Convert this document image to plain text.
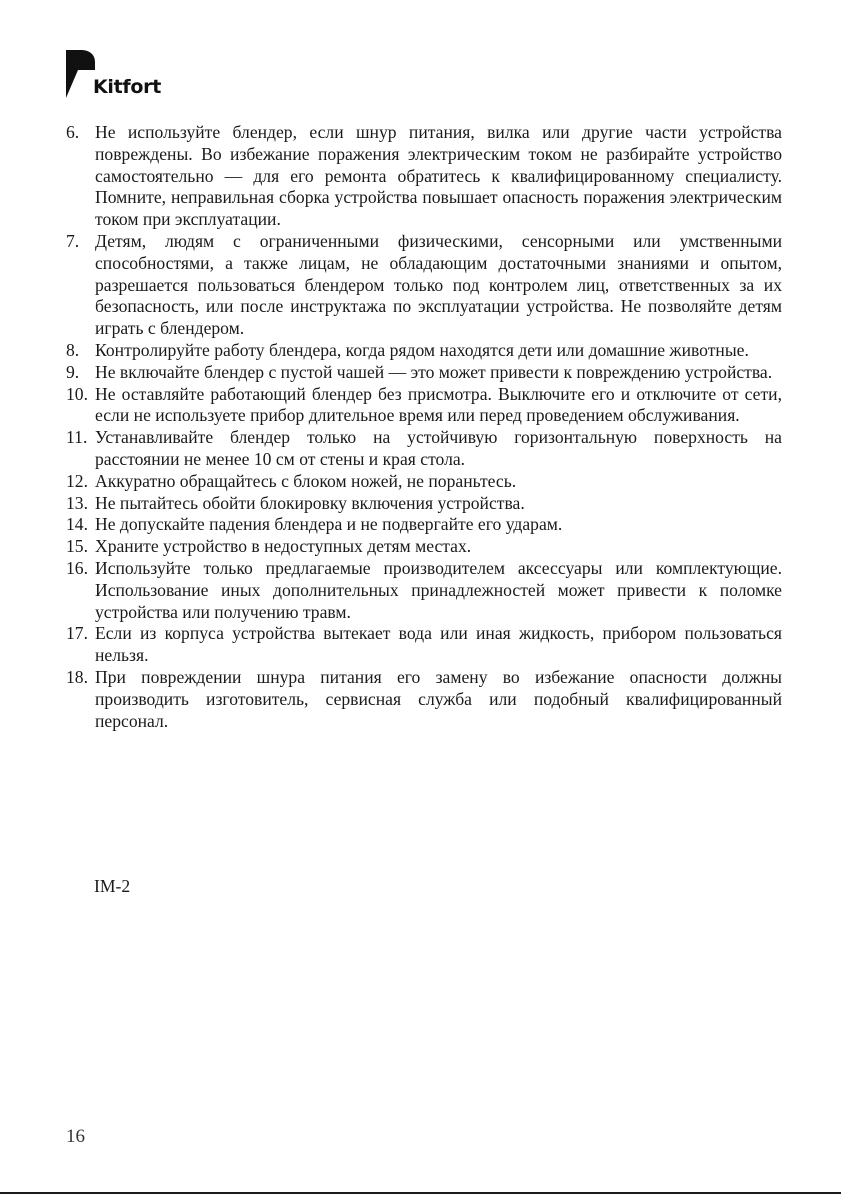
Kitfort
6. Не используйте блендер, если шнур питания, вилка или другие части устройства повреждены. Во избежание поражения электрическим током не разбирайте устройство самостоятельно — для его ремонта обратитесь к квалифицированному специалисту. Помните, неправильная сборка устройства повышает опасность поражения электрическим током при эксплуатации.
7. Детям, людям с ограниченными физическими, сенсорными или умственными способностями, а также лицам, не обладающим достаточными знаниями и опытом, разрешается пользоваться блендером только под контролем лиц, ответственных за их безопасность, или после инструктажа по эксплуатации устройства. Не позволяйте детям играть с блендером.
8. Контролируйте работу блендера, когда рядом находятся дети или домашние животные.
9. Не включайте блендер с пустой чашей — это может привести к повреждению устройства.
10. Не оставляйте работающий блендер без присмотра. Выключите его и отключите от сети, если не используете прибор длительное время или перед проведением обслуживания.
11. Устанавливайте блендер только на устойчивую горизонтальную поверхность на расстоянии не менее 10 см от стены и края стола.
12. Аккуратно обращайтесь с блоком ножей, не пораньтесь.
13. Не пытайтесь обойти блокировку включения устройства.
14. Не допускайте падения блендера и не подвергайте его ударам.
15. Храните устройство в недоступных детям местах.
16. Используйте только предлагаемые производителем аксессуары или комплектующие. Использование иных дополнительных принадлежностей может привести к поломке устройства или получению травм.
17. Если из корпуса устройства вытекает вода или иная жидкость, прибором пользоваться нельзя.
18. При повреждении шнура питания его замену во избежание опасности должны производить изготовитель, сервисная служба или подобный квалифицированный персонал.
IM-2
16
